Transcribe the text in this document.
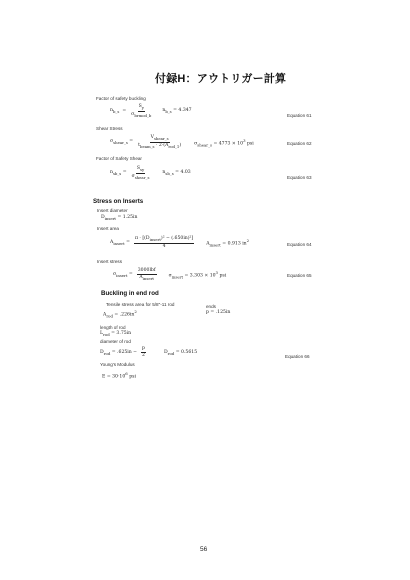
付録H：アウトリガー計算
Factor of safety buckling
$n_{b\_s} = \frac{S_y}{\sigma_{brmod\_b}} n_{b\_s} = 4.347$
Equation 61
Shear Stress
$\sigma_{shear\_s} = \frac{V_{shear\_s}}{t_{beam\_s} \cdot 2\cdot(A_{rod\_1})}$	$\sigma_{shear\_s} = 4773 \times 10^3$ psi	Equation 62
Factor of Safety Shear
$n_{sb\_s} = \frac{S_{sy}}{\sigma_{shear\_s}}$	$n_{sb\_s} = 4.03$
Equation 63
Stress on Inserts
Insert diameter
$D_{insert} = 1.25in$
Insert area
$A_{insert} = \frac{\pi \cdot [(D_{insert})^2 - (.650in)^2]}{4}$	$A_{insert} = 0.913$ $in^2$
Equation 64
Insert stress
$\sigma_{insert} = \frac{\text{3000lbf}}{A_{insert}}$	$\sigma_{insert} = 3.303 \times 10^3$ psi	Equation 65
Buckling in end rod
Tensile stress area for 5/8"-11 rod
$A_{rod} = .226in^2$
ends
p = .125in
length of rod
$L_{rod} = 3.75in$
diameter of rod
$D_{rod} = .625in - \frac{p}{2}$	$D_{rod} = 0.5615$
Equation 66
Young's Modulus
$E = 30\cdot 10^6$ psi
56
